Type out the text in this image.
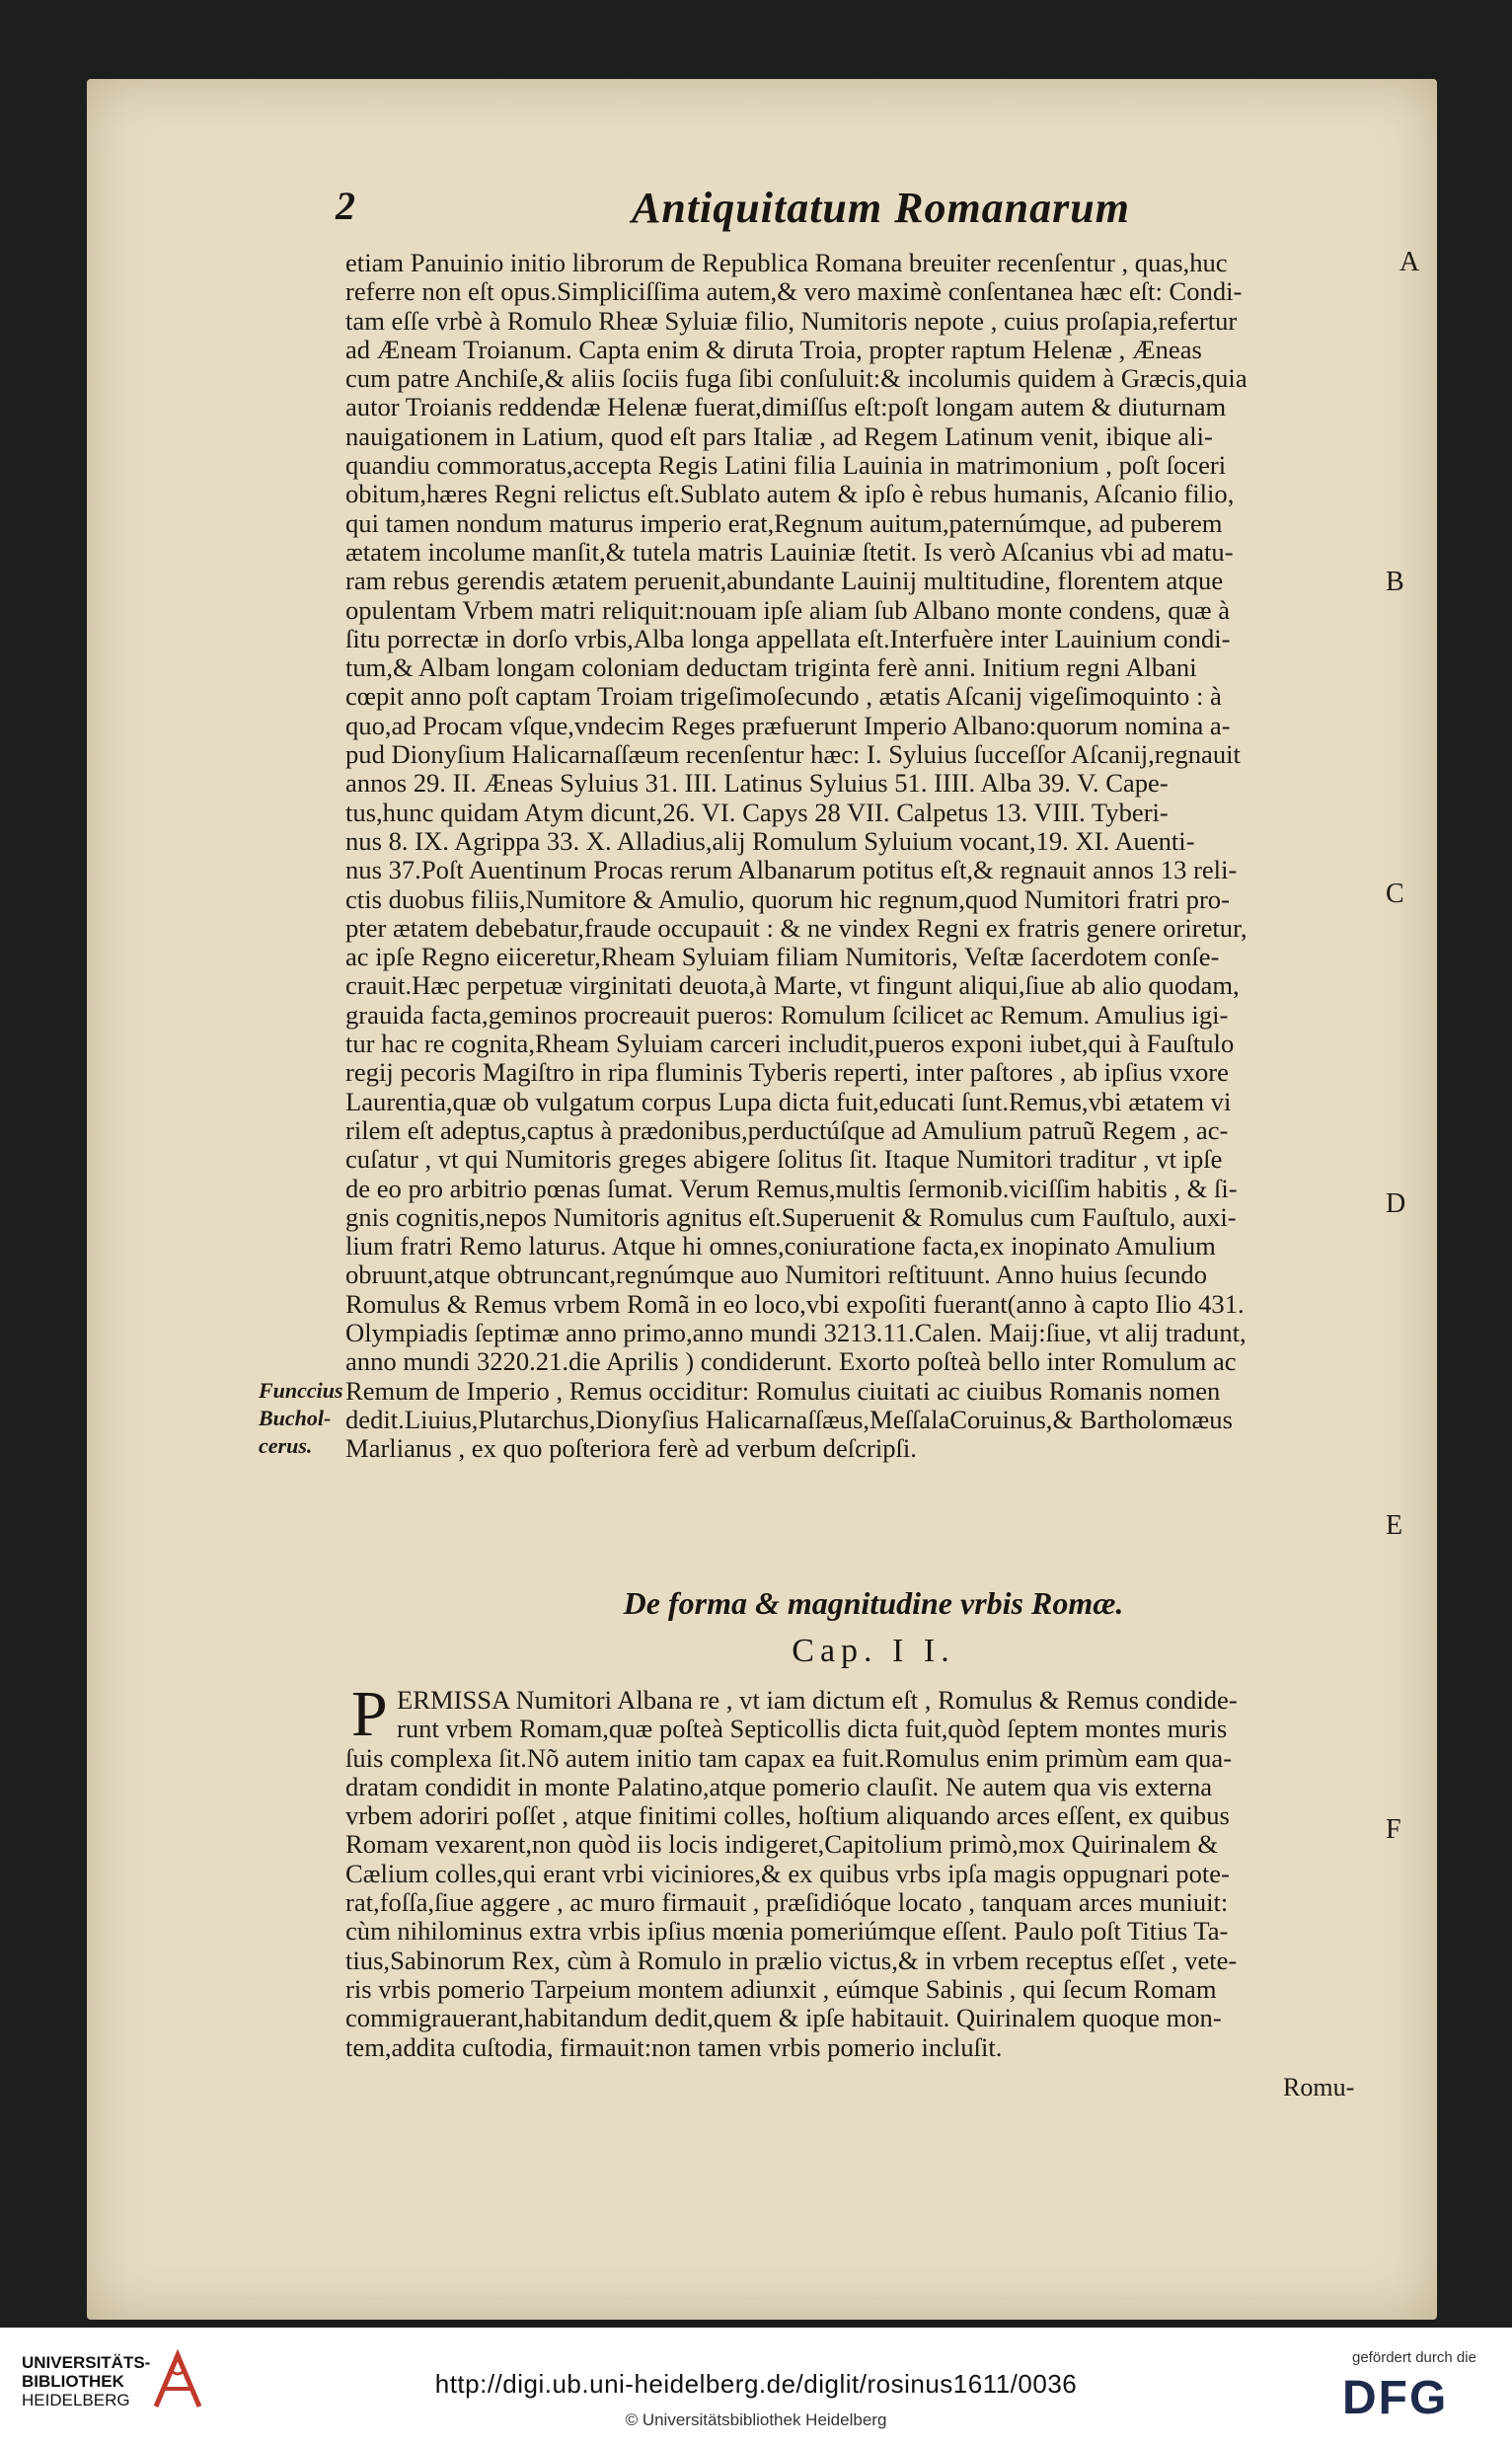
2	Antiquitatum Romanarum
etiam Panuinio initio librorum de Republica Romana breuiter recenſentur , quas,huc
referre non eſt opus.Simpliciſſima autem,& vero maximè conſentanea hæc eſt: Condi-
tam eſſe vrbè à Romulo Rheæ Syluiæ filio, Numitoris nepote , cuius proſapia,refertur
ad Æneam Troianum. Capta enim & diruta Troia, propter raptum Helenæ , Æneas
cum patre Anchiſe,& aliis ſociis fuga ſibi conſuluit:& incolumis quidem à Græcis,quia
autor Troianis reddendæ Helenæ fuerat,dimiſſus eſt:poſt longam autem & diuturnam
nauigationem in Latium, quod eſt pars Italiæ , ad Regem Latinum venit, ibique ali-
quandiu commoratus,accepta Regis Latini filia Lauinia in matrimonium , poſt ſoceri
obitum,hæres Regni relictus eſt.Sublato autem & ipſo è rebus humanis, Aſcanio filio,
qui tamen nondum maturus imperio erat,Regnum auitum,paternúmque, ad puberem
ætatem incolume manſit,& tutela matris Lauiniæ ſtetit. Is verò Aſcanius vbi ad matu-
ram rebus gerendis ætatem peruenit,abundante Lauinij multitudine, florentem atque
opulentam Vrbem matri reliquit:nouam ipſe aliam ſub Albano monte condens, quæ à
ſitu porrectæ in dorſo vrbis,Alba longa appellata eſt.Interfuère inter Lauinium condi-
tum,& Albam longam coloniam deductam triginta ferè anni. Initium regni Albani
cœpit anno poſt captam Troiam trigeſimoſecundo , ætatis Aſcanij vigeſimoquinto : à
quo,ad Procam vſque,vndecim Reges præfuerunt Imperio Albano:quorum nomina a-
pud Dionyſium Halicarnaſſæum recenſentur hæc: I. Syluius ſucceſſor Aſcanij,regnauit
annos 29. II. Æneas Syluius 31. III. Latinus Syluius 51. IIII. Alba 39. V. Cape-
tus,hunc quidam Atym dicunt,26. VI. Capys 28 VII. Calpetus 13. VIII. Tyberi-
nus 8. IX. Agrippa 33. X. Alladius,alij Romulum Syluium vocant,19. XI. Auenti-
nus 37.Poſt Auentinum Procas rerum Albanarum potitus eſt,& regnauit annos 13 reli-
ctis duobus filiis,Numitore & Amulio, quorum hic regnum,quod Numitori fratri pro-
pter ætatem debebatur,fraude occupauit : & ne vindex Regni ex fratris genere oriretur,
ac ipſe Regno eiiceretur,Rheam Syluiam filiam Numitoris, Veſtæ ſacerdotem conſe-
crauit.Hæc perpetuæ virginitati deuota,à Marte, vt fingunt aliqui,ſiue ab alio quodam,
grauida facta,geminos procreauit pueros: Romulum ſcilicet ac Remum. Amulius igi-
tur hac re cognita,Rheam Syluiam carceri includit,pueros exponi iubet,qui à Fauſtulo
regij pecoris Magiſtro in ripa fluminis Tyberis reperti, inter paſtores , ab ipſius vxore
Laurentia,quæ ob vulgatum corpus Lupa dicta fuit,educati ſunt.Remus,vbi ætatem vi
rilem eſt adeptus,captus à prædonibus,perductúſque ad Amulium patruũ Regem , ac-
cuſatur , vt qui Numitoris greges abigere ſolitus ſit. Itaque Numitori traditur , vt ipſe
de eo pro arbitrio pœnas ſumat. Verum Remus,multis ſermonib.viciſſim habitis , & ſi-
gnis cognitis,nepos Numitoris agnitus eſt.Superuenit & Romulus cum Fauſtulo, auxi-
lium fratri Remo laturus. Atque hi omnes,coniuratione facta,ex inopinato Amulium
obruunt,atque obtruncant,regnúmque auo Numitori reſtituunt. Anno huius ſecundo
Romulus & Remus vrbem Romã in eo loco,vbi expoſiti fuerant(anno à capto Ilio 431.
Olympiadis ſeptimæ anno primo,anno mundi 3213.11.Calen. Maij:ſiue, vt alij tradunt,
anno mundi 3220.21.die Aprilis ) condiderunt. Exorto poſteà bello inter Romulum ac
Remum de Imperio , Remus occiditur: Romulus ciuitati ac ciuibus Romanis nomen
dedit.Liuius,Plutarchus,Dionyſius Halicarnaſſæus,MeſſalaCoruinus,& Bartholomæus
Marlianus , ex quo poſteriora ferè ad verbum deſcripſi.
A
B
C
D
E
F
Funccius
Buchol-
cerus.
De forma & magnitudine vrbis Romæ.
Cap. I I.
P ERMISSA Numitori Albana re , vt iam dictum eſt , Romulus & Remus condide-
runt vrbem Romam,quæ poſteà Septicollis dicta fuit,quòd ſeptem montes muris
ſuis complexa ſit.Nõ autem initio tam capax ea fuit.Romulus enim primùm eam qua-
dratam condidit in monte Palatino,atque pomerio clauſit. Ne autem qua vis externa
vrbem adoriri poſſet , atque finitimi colles, hoſtium aliquando arces eſſent, ex quibus
Romam vexarent,non quòd iis locis indigeret,Capitolium primò,mox Quirinalem &
Cælium colles,qui erant vrbi viciniores,& ex quibus vrbs ipſa magis oppugnari pote-
rat,foſſa,ſiue aggere , ac muro firmauit , præſidióque locato , tanquam arces muniuit:
cùm nihilominus extra vrbis ipſius mœnia pomeriúmque eſſent. Paulo poſt Titius Ta-
tius,Sabinorum Rex, cùm à Romulo in prælio victus,& in vrbem receptus eſſet , vete-
ris vrbis pomerio Tarpeium montem adiunxit , eúmque Sabinis , qui ſecum Romam
commigrauerant,habitandum dedit,quem & ipſe habitauit. Quirinalem quoque mon-
tem,addita cuſtodia, firmauit:non tamen vrbis pomerio incluſit.
Romu-
UNIVERSITÄTS-
BIBLIOTHEK
HEIDELBERG
http://digi.ub.uni-heidelberg.de/diglit/rosinus1611/0036
© Universitätsbibliothek Heidelberg
gefördert durch die
DFG
